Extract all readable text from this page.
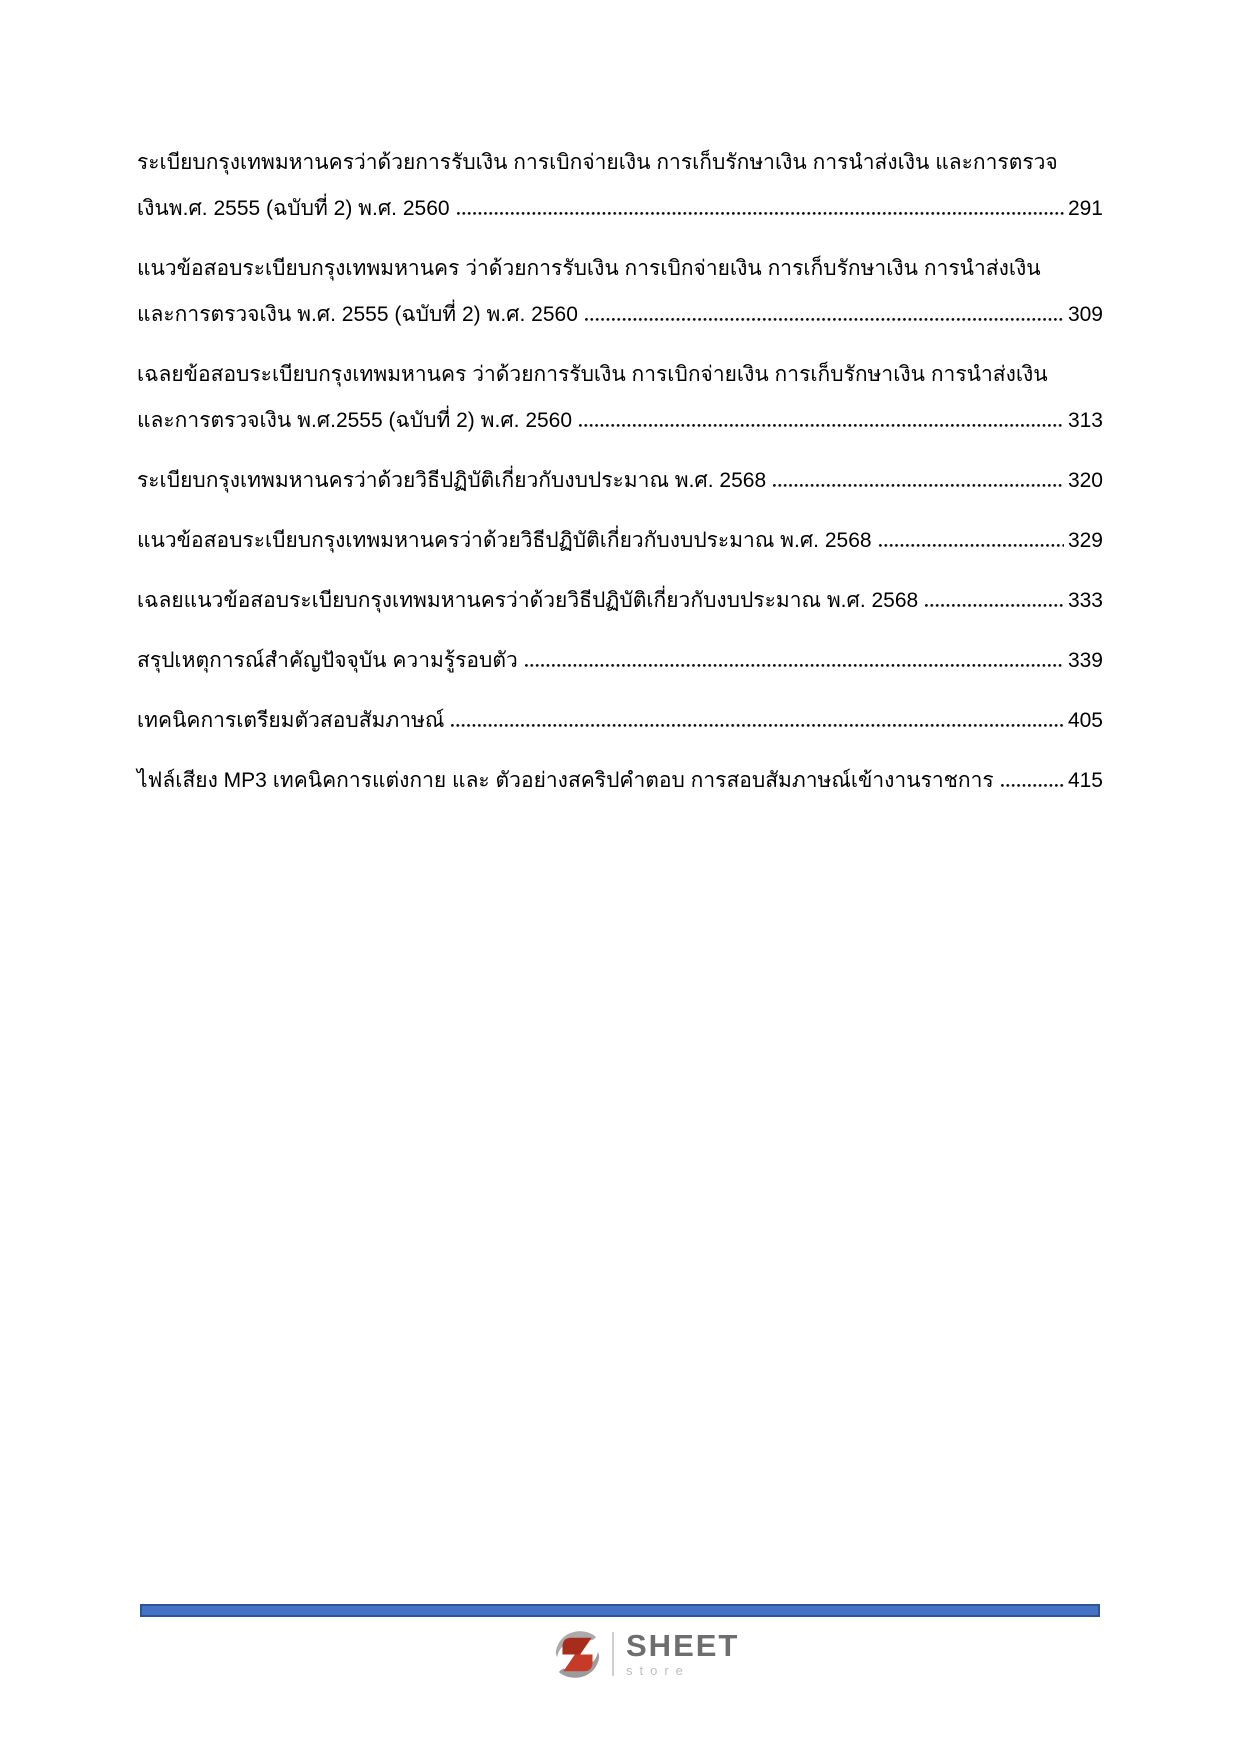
ระเบียบกรุงเทพมหานครว่าด้วยการรับเงิน การเบิกจ่ายเงิน การเก็บรักษาเงิน การนำส่งเงิน และการตรวจ
เงินพ.ศ. 2555 (ฉบับที่ 2) พ.ศ. 2560	291
แนวข้อสอบระเบียบกรุงเทพมหานคร ว่าด้วยการรับเงิน การเบิกจ่ายเงิน การเก็บรักษาเงิน การนำส่งเงิน
และการตรวจเงิน พ.ศ. 2555 (ฉบับที่ 2) พ.ศ. 2560	309
เฉลยข้อสอบระเบียบกรุงเทพมหานคร ว่าด้วยการรับเงิน การเบิกจ่ายเงิน การเก็บรักษาเงิน การนำส่งเงิน
และการตรวจเงิน พ.ศ.2555 (ฉบับที่ 2) พ.ศ. 2560	313
ระเบียบกรุงเทพมหานครว่าด้วยวิธีปฏิบัติเกี่ยวกับงบประมาณ พ.ศ. 2568	320
แนวข้อสอบระเบียบกรุงเทพมหานครว่าด้วยวิธีปฏิบัติเกี่ยวกับงบประมาณ พ.ศ. 2568	329
เฉลยแนวข้อสอบระเบียบกรุงเทพมหานครว่าด้วยวิธีปฏิบัติเกี่ยวกับงบประมาณ พ.ศ. 2568	333
สรุปเหตุการณ์สำคัญปัจจุบัน ความรู้รอบตัว	339
เทคนิคการเตรียมตัวสอบสัมภาษณ์	405
ไฟล์เสียง MP3 เทคนิคการแต่งกาย และ ตัวอย่างสคริปคำตอบ การสอบสัมภาษณ์เข้างานราชการ	415
SHEET
store
